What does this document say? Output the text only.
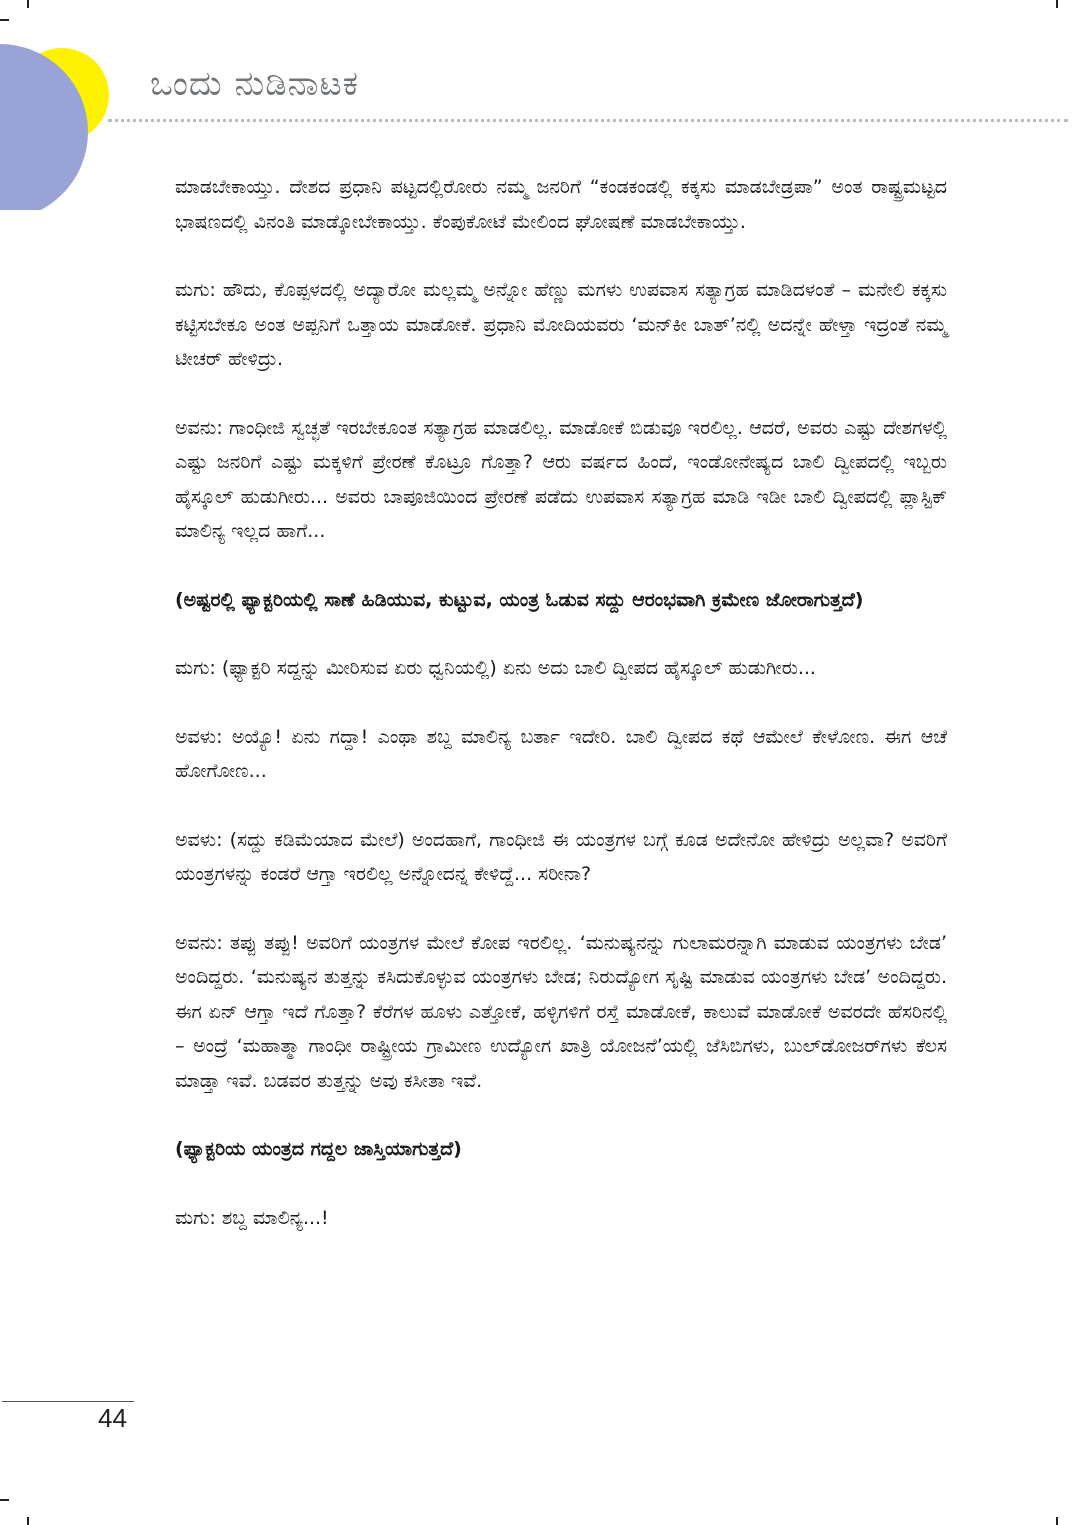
ಒಂದು ನುಡಿನಾಟಕ

ಮಾಡಬೇಕಾಯ್ತು. ದೇಶದ ಪ್ರಧಾನಿ ಪಟ್ಟದಲ್ಲಿರೋರು ನಮ್ಮ ಜನರಿಗೆ “ಕಂಡಕಂಡಲ್ಲಿ ಕಕ್ಕಸು ಮಾಡಬೇಡ್ರಪಾ” ಅಂತ ರಾಷ್ಟ್ರಮಟ್ಟದ ಭಾಷಣದಲ್ಲಿ ವಿನಂತಿ ಮಾಡ್ಕೋಬೇಕಾಯ್ತು. ಕೆಂಪುಕೋಟೆ ಮೇಲಿಂದ ಘೋಷಣೆ ಮಾಡಬೇಕಾಯ್ತು.

ಮಗು: ಹೌದು, ಕೊಪ್ಪಳದಲ್ಲಿ ಅದ್ಯಾರೋ ಮಲ್ಲಮ್ಮ ಅನ್ನೋ ಹೆಣ್ಣು ಮಗಳು ಉಪವಾಸ ಸತ್ಯಾಗ್ರಹ ಮಾಡಿದಳಂತೆ – ಮನೇಲಿ ಕಕ್ಕಸು ಕಟ್ಟಿಸಬೇಕೂ ಅಂತ ಅಪ್ಪನಿಗೆ ಒತ್ತಾಯ ಮಾಡೋಕೆ. ಪ್ರಧಾನಿ ಮೋದಿಯವರು ‘ಮನ್‌ಕೀ ಬಾತ್’ನಲ್ಲಿ ಅದನ್ನೇ ಹೇಳ್ತಾ ಇದ್ರಂತೆ ನಮ್ಮ ಟೀಚರ್ ಹೇಳಿದ್ರು.

ಅವನು: ಗಾಂಧೀಜಿ ಸ್ವಚ್ಛತೆ ಇರಬೇಕೂಂತ ಸತ್ಯಾಗ್ರಹ ಮಾಡಲಿಲ್ಲ. ಮಾಡೋಕೆ ಬಿಡುವೂ ಇರಲಿಲ್ಲ. ಆದರೆ, ಅವರು ಎಷ್ಟು ದೇಶಗಳಲ್ಲಿ ಎಷ್ಟು ಜನರಿಗೆ ಎಷ್ಟು ಮಕ್ಕಳಿಗೆ ಪ್ರೇರಣೆ ಕೊಟ್ರೂ ಗೊತ್ತಾ? ಆರು ವರ್ಷದ ಹಿಂದೆ, ಇಂಡೋನೇಷ್ಯದ ಬಾಲಿ ದ್ವೀಪದಲ್ಲಿ ಇಬ್ಬರು ಹೈಸ್ಕೂಲ್ ಹುಡುಗೀರು... ಅವರು ಬಾಪೂಜಿಯಿಂದ ಪ್ರೇರಣೆ ಪಡೆದು ಉಪವಾಸ ಸತ್ಯಾಗ್ರಹ ಮಾಡಿ ಇಡೀ ಬಾಲಿ ದ್ವೀಪದಲ್ಲಿ ಪ್ಲಾಸ್ಟಿಕ್ ಮಾಲಿನ್ಯ ಇಲ್ಲದ ಹಾಗೆ...

(ಅಷ್ಟರಲ್ಲಿ ಫ್ಯಾಕ್ಟರಿಯಲ್ಲಿ ಸಾಣೆ ಹಿಡಿಯುವ, ಕುಟ್ಟುವ, ಯಂತ್ರ ಓಡುವ ಸದ್ದು ಆರಂಭವಾಗಿ ಕ್ರಮೇಣ ಜೋರಾಗುತ್ತದೆ)

ಮಗು: (ಫ್ಯಾಕ್ಟರಿ ಸದ್ದನ್ನು ಮೀರಿಸುವ ಏರು ಧ್ವನಿಯಲ್ಲಿ) ಏನು ಅದು ಬಾಲಿ ದ್ವೀಪದ ಹೈಸ್ಕೂಲ್ ಹುಡುಗೀರು...

ಅವಳು: ಅಯ್ಯೊ! ಏನು ಗದ್ದಾ! ಎಂಥಾ ಶಬ್ದ ಮಾಲಿನ್ಯ ಬರ್ತಾ ಇದೇರಿ. ಬಾಲಿ ದ್ವೀಪದ ಕಥೆ ಆಮೇಲೆ ಕೇಳೋಣ. ಈಗ ಆಚೆ ಹೋಗೋಣ...

ಅವಳು: (ಸದ್ದು ಕಡಿಮೆಯಾದ ಮೇಲೆ) ಅಂದಹಾಗೆ, ಗಾಂಧೀಜಿ ಈ ಯಂತ್ರಗಳ ಬಗ್ಗೆ ಕೂಡ ಅದೇನೋ ಹೇಳಿದ್ರು ಅಲ್ಲವಾ? ಅವರಿಗೆ ಯಂತ್ರಗಳನ್ನು ಕಂಡರೆ ಆಗ್ತಾ ಇರಲಿಲ್ಲ ಅನ್ನೋದನ್ನ ಕೇಳಿದ್ದೆ... ಸರೀನಾ?

ಅವನು: ತಪ್ಪು ತಪ್ಪು! ಅವರಿಗೆ ಯಂತ್ರಗಳ ಮೇಲೆ ಕೋಪ ಇರಲಿಲ್ಲ. ‘ಮನುಷ್ಯನನ್ನು ಗುಲಾಮರನ್ನಾಗಿ ಮಾಡುವ ಯಂತ್ರಗಳು ಬೇಡ’ ಅಂದಿದ್ದರು. ‘ಮನುಷ್ಯನ ತುತ್ತನ್ನು ಕಸಿದುಕೊಳ್ಳುವ ಯಂತ್ರಗಳು ಬೇಡ; ನಿರುದ್ಯೋಗ ಸೃಷ್ಟಿ ಮಾಡುವ ಯಂತ್ರಗಳು ಬೇಡ’ ಅಂದಿದ್ದರು. ಈಗ ಏನ್ ಆಗ್ತಾ ಇದೆ ಗೊತ್ತಾ? ಕೆರೆಗಳ ಹೂಳು ಎತ್ತೋಕೆ, ಹಳ್ಳಿಗಳಿಗೆ ರಸ್ತೆ ಮಾಡೋಕೆ, ಕಾಲುವೆ ಮಾಡೋಕೆ ಅವರದೇ ಹೆಸರಿನಲ್ಲಿ – ಅಂದ್ರೆ ‘ಮಹಾತ್ಮಾ ಗಾಂಧೀ ರಾಷ್ಟ್ರೀಯ ಗ್ರಾಮೀಣ ಉದ್ಯೋಗ ಖಾತ್ರಿ ಯೋಜನೆ’ಯಲ್ಲಿ ಜೆಸಿಬಿಗಳು, ಬುಲ್‌ಡೋಜರ್‌ಗಳು ಕೆಲಸ ಮಾಡ್ತಾ ಇವೆ. ಬಡವರ ತುತ್ತನ್ನು ಅವು ಕಸೀತಾ ಇವೆ.

(ಫ್ಯಾಕ್ಟರಿಯ ಯಂತ್ರದ ಗದ್ದಲ ಜಾಸ್ತಿಯಾಗುತ್ತದೆ)

ಮಗು: ಶಬ್ದ ಮಾಲಿನ್ಯ...!

44
